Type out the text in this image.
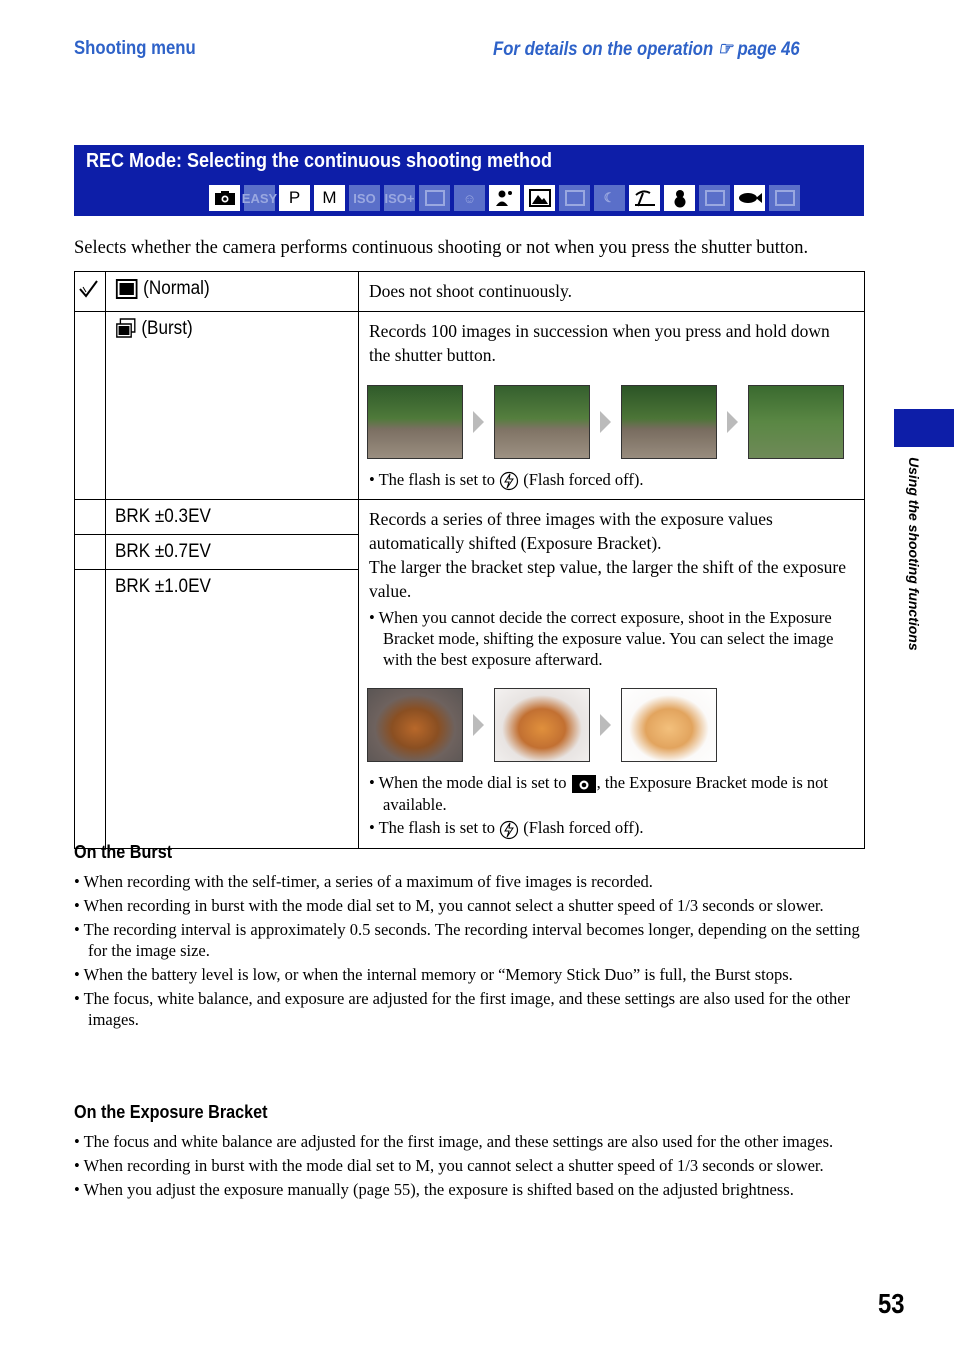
Shooting menu	For details on the operation ☞ page 46
REC Mode: Selecting the continuous shooting method
EASY P	M	ISO ISO+	☺	☾
Selects whether the camera performs continuous shooting or not when you press the shutter button.

(Normal)	Does not shoot continuously.

	(Burst)	Records 100 images in succession when you press and hold down the shutter button.
• The flash is set to (Flash forced off).

	BRK ±0.3EV	Records a series of three images with the exposure values automatically shifted (Exposure Bracket).
The larger the bracket step value, the larger the shift of the exposure value.
• When you cannot decide the correct exposure, shoot in the Exposure Bracket mode, shifting the exposure value. You can select the image with the best exposure afterward.
• When the mode dial is set to , the Exposure Bracket mode is not available.
• The flash is set to (Flash forced off).

	BRK ±0.7EV	

	BRK ±1.0EV	
On the Burst
• When recording with the self-timer, a series of a maximum of five images is recorded.
• When recording in burst with the mode dial set to M, you cannot select a shutter speed of 1/3 seconds or slower.
• The recording interval is approximately 0.5 seconds. The recording interval becomes longer, depending on the setting for the image size.
• When the battery level is low, or when the internal memory or “Memory Stick Duo” is full, the Burst stops.
• The focus, white balance, and exposure are adjusted for the first image, and these settings are also used for the other images.
On the Exposure Bracket
• The focus and white balance are adjusted for the first image, and these settings are also used for the other images.
• When recording in burst with the mode dial set to M, you cannot select a shutter speed of 1/3 seconds or slower.
• When you adjust the exposure manually (page 55), the exposure is shifted based on the adjusted brightness.
Using the shooting functions
53
